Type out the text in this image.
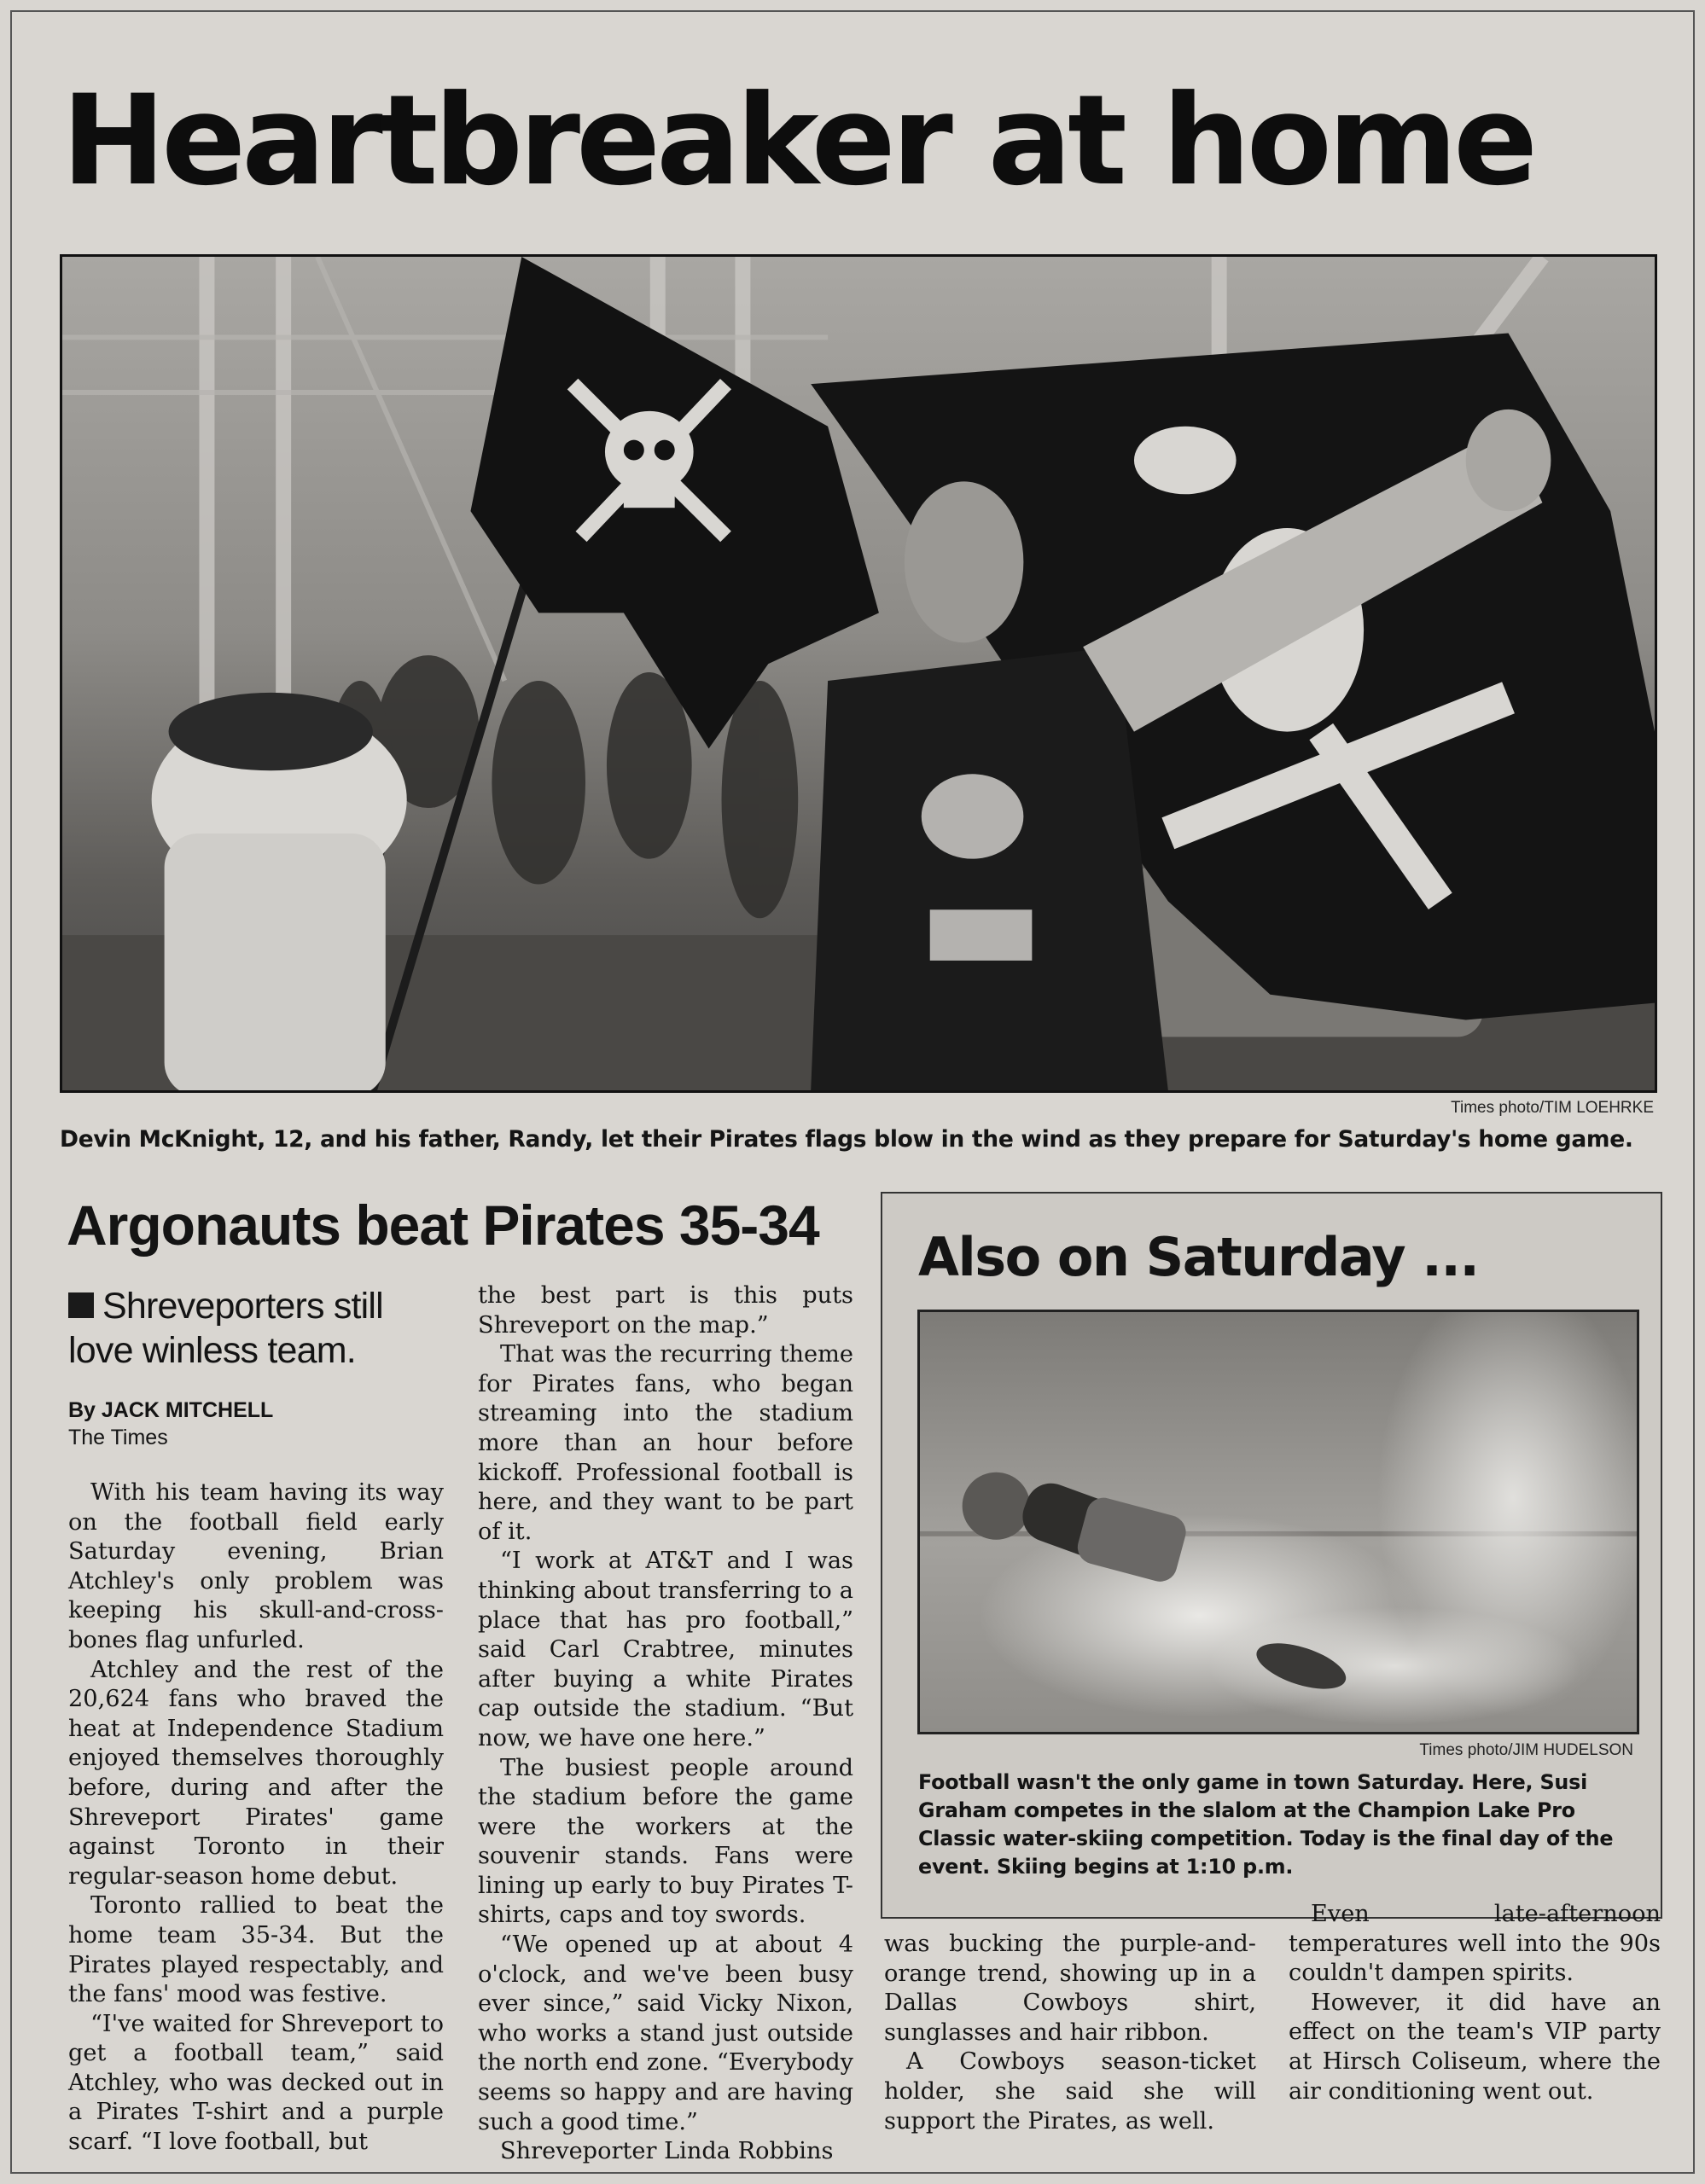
Heartbreaker at home
Times photo/TIM LOEHRKE

Devin McKnight, 12, and his father, Randy, let their Pirates flags blow in the wind as they prepare for Saturday's home game.

Argonauts beat Pirates 35-34

Shreveporters still love winless team.

By JACK MITCHELL

The Times

With his team having its way on the football field early Saturday evening, Brian Atchley's only problem was keeping his skull-and-cross-bones flag unfurled.

Atchley and the rest of the 20,624 fans who braved the heat at Independence Stadium enjoyed themselves thoroughly before, during and after the Shreveport Pirates' game against Toronto in their regular-season home debut.

Toronto rallied to beat the home team 35-34. But the Pirates played respectably, and the fans' mood was festive.

“I've waited for Shreveport to get a football team,” said Atchley, who was decked out in a Pirates T-shirt and a purple scarf. “I love football, but

the best part is this puts Shreveport on the map.”

That was the recurring theme for Pirates fans, who began streaming into the stadium more than an hour before kickoff. Professional football is here, and they want to be part of it.

“I work at AT&T and I was thinking about transferring to a place that has pro football,” said Carl Crabtree, minutes after buying a white Pirates cap outside the stadium. “But now, we have one here.”

The busiest people around the stadium before the game were the workers at the souvenir stands. Fans were lining up early to buy Pirates T-shirts, caps and toy swords.

“We opened up at about 4 o'clock, and we've been busy ever since,” said Vicky Nixon, who works a stand just outside the north end zone. “Everybody seems so happy and are having such a good time.”

Shreveporter Linda Robbins

Also on Saturday ...
Times photo/JIM HUDELSON

Football wasn't the only game in town Saturday. Here, Susi Graham competes in the slalom at the Champion Lake Pro Classic water-skiing competition. Today is the final day of the event. Skiing begins at 1:10 p.m.

was bucking the purple-and-orange trend, showing up in a Dallas Cowboys shirt, sunglasses and hair ribbon.

A Cowboys season-ticket holder, she said she will support the Pirates, as well.

Even late-afternoon temperatures well into the 90s couldn't dampen spirits.

However, it did have an effect on the team's VIP party at Hirsch Coliseum, where the air conditioning went out.
